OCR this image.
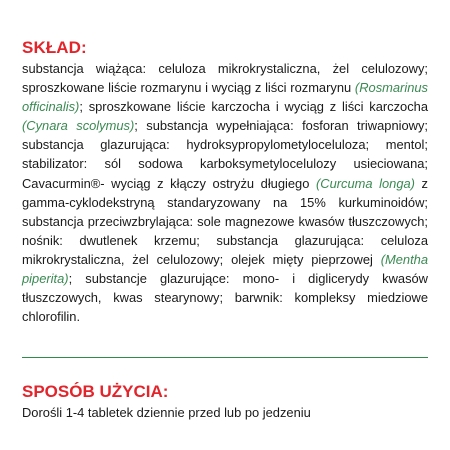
SKŁAD:

substancja wiążąca: celuloza mikrokrystaliczna, żel celulozowy; sproszkowane liście rozmarynu i wyciąg z liści rozmarynu (Rosmarinus officinalis); sproszkowane liście karczocha i wyciąg z liści karczocha (Cynara scolymus); substancja wypełniająca: fosforan triwapniowy; substancja glazurująca: hydroksypropylometyloceluloza; mentol; stabilizator: sól sodowa karboksymetylocelulozy usieciowana; Cavacurmin®- wyciąg z kłączy ostryżu długiego (Curcuma longa) z gamma-cyklodekstryną standaryzowany na 15% kurkuminoidów; substancja przeciwzbrylająca: sole magnezowe kwasów tłuszczowych; nośnik: dwutlenek krzemu; substancja glazurująca: celuloza mikrokrystaliczna, żel celulozowy; olejek mięty pieprzowej (Mentha piperita); substancje glazurujące: mono- i diglicerydy kwasów tłuszczowych, kwas stearynowy; barwnik: kompleksy miedziowe chlorofilin.

SPOSÓB UŻYCIA:

Dorośli 1-4 tabletek dziennie przed lub po jedzeniu
